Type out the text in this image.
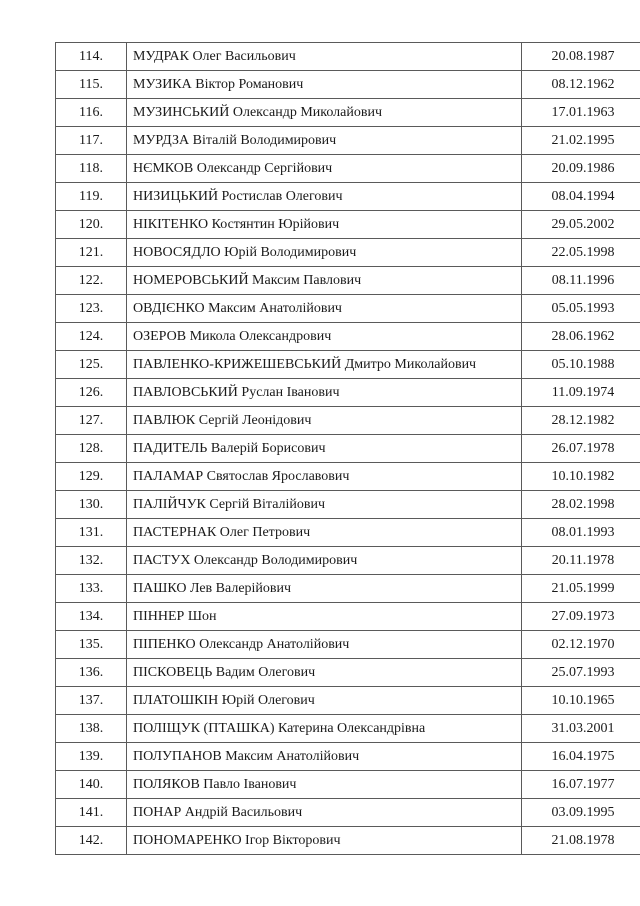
114.	МУДРАК Олег Васильович	20.08.1987
115.	МУЗИКА Віктор Романович	08.12.1962
116.	МУЗИНСЬКИЙ Олександр Миколайович	17.01.1963
117.	МУРДЗА Віталій Володимирович	21.02.1995
118.	НЄМКОВ Олександр Сергійович	20.09.1986
119.	НИЗИЦЬКИЙ Ростислав Олегович	08.04.1994
120.	НІКІТЕНКО Костянтин Юрійович	29.05.2002
121.	НОВОСЯДЛО Юрій Володимирович	22.05.1998
122.	НОМЕРОВСЬКИЙ Максим Павлович	08.11.1996
123.	ОВДІЄНКО Максим Анатолійович	05.05.1993
124.	ОЗЕРОВ Микола Олександрович	28.06.1962
125.	ПАВЛЕНКО-КРИЖЕШЕВСЬКИЙ Дмитро Миколайович	05.10.1988
126.	ПАВЛОВСЬКИЙ Руслан Іванович	11.09.1974
127.	ПАВЛЮК Сергій Леонідович	28.12.1982
128.	ПАДИТЕЛЬ Валерій Борисович	26.07.1978
129.	ПАЛАМАР Святослав Ярославович	10.10.1982
130.	ПАЛІЙЧУК Сергій Віталійович	28.02.1998
131.	ПАСТЕРНАК Олег Петрович	08.01.1993
132.	ПАСТУХ Олександр Володимирович	20.11.1978
133.	ПАШКО Лев Валерійович	21.05.1999
134.	ПІННЕР Шон	27.09.1973
135.	ПІПЕНКО Олександр Анатолійович	02.12.1970
136.	ПІСКОВЕЦЬ Вадим Олегович	25.07.1993
137.	ПЛАТОШКІН Юрій Олегович	10.10.1965
138.	ПОЛІЩУК (ПТАШКА) Катерина Олександрівна	31.03.2001
139.	ПОЛУПАНОВ Максим Анатолійович	16.04.1975
140.	ПОЛЯКОВ Павло Іванович	16.07.1977
141.	ПОНАР Андрій Васильович	03.09.1995
142.	ПОНОМАРЕНКО Ігор Вікторович	21.08.1978
